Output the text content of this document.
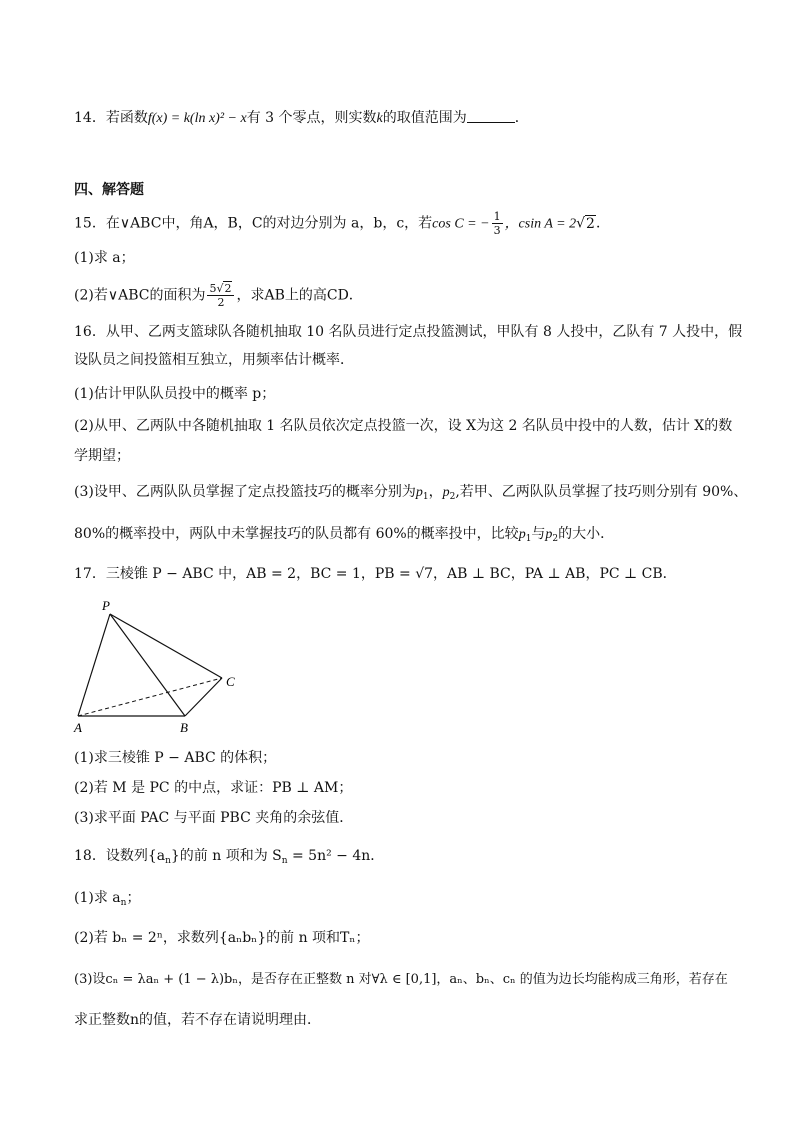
14．若函数f(x) = k(ln x)² − x有 3 个零点，则实数k的取值范围为	．
四、解答题
15．在∨ABC中，角A，B，C的对边分别为 a，b，c，若cos C = − $\frac{1}{3}$ ，csin A = 2√2．
(1)求 a；
(2)若∨ABC的面积为 $\frac{5√2}{2}$ ，求AB上的高CD．
16．从甲、乙两支篮球队各随机抽取 10 名队员进行定点投篮测试，甲队有 8 人投中，乙队有 7 人投中，假
设队员之间投篮相互独立，用频率估计概率．
(1)估计甲队队员投中的概率 p；
(2)从甲、乙两队中各随机抽取 1 名队员依次定点投篮一次，设 X为这 2 名队员中投中的人数，估计 X的数
学期望；
(3)设甲、乙两队队员掌握了定点投篮技巧的概率分别为$p_1$，$p_2$,若甲、乙两队队员掌握了技巧则分别有 90%、
80%的概率投中，两队中未掌握技巧的队员都有 60%的概率投中，比较$p_1$与$p_2$的大小．
17．三棱锥 P − ABC 中，AB = 2，BC = 1，PB = √7，AB ⊥ BC，PA ⊥ AB，PC ⊥ CB．
P
A	B
C
(1)求三棱锥 P − ABC 的体积；
(2)若 M 是 PC 的中点，求证：PB ⊥ AM；
(3)求平面 PAC 与平面 PBC 夹角的余弦值．
18．设数列$\{a_n\}$的前 n 项和为 $S_n = 5n^2 - 4n$．
(1)求 $a_n$；
(2)若 bₙ = 2ⁿ，求数列{aₙbₙ}的前 n 项和Tₙ；
(3)设cₙ = λaₙ + (1 − λ)bₙ，是否存在正整数 n 对∀λ ∈ [0,1]，aₙ、bₙ、cₙ 的值为边长均能构成三角形，若存在
求正整数n的值，若不存在请说明理由．
